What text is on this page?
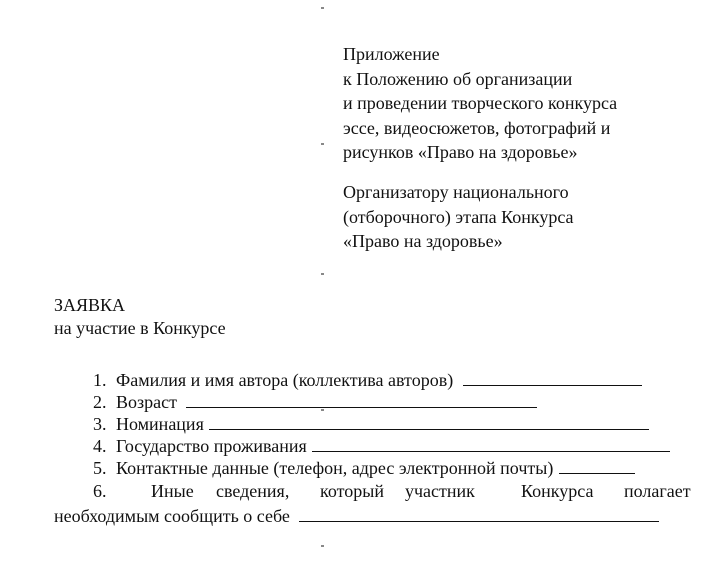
Приложение
к Положению об организации
и проведении творческого конкурса
эссе, видеосюжетов, фотографий и
рисунков «Право на здоровье»
Организатору национального
(отборочного) этапа Конкурса
«Право на здоровье»
ЗАЯВКА
на участие в Конкурсе
1. Фамилия и имя автора (коллектива авторов)
2. Возраст
3. Номинация
4. Государство проживания
5. Контактные данные (телефон, адрес электронной почты)
6. Иные сведения, который участник	Конкурса полагает
необходимым сообщить о себе
